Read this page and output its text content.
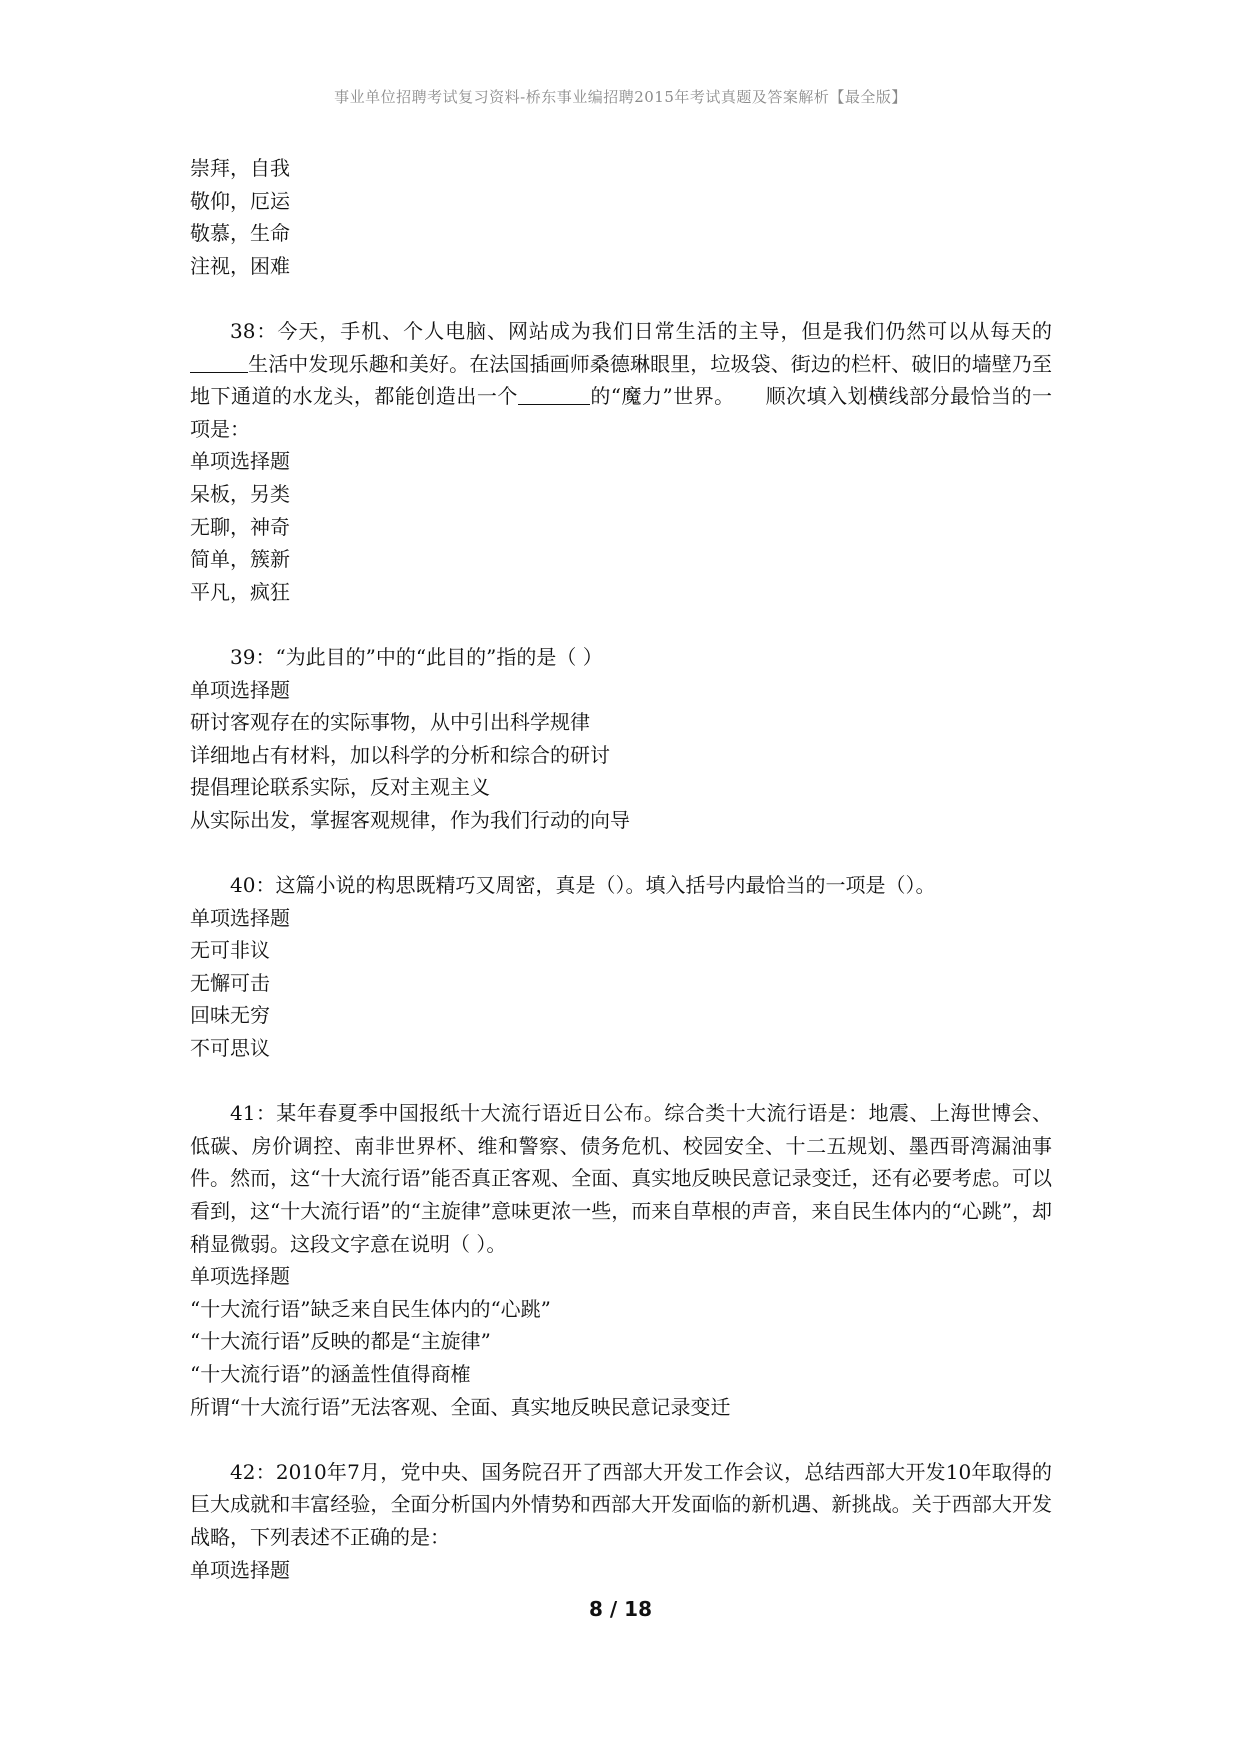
事业单位招聘考试复习资料-桥东事业编招聘2015年考试真题及答案解析【最全版】
崇拜，自我
敬仰，厄运
敬慕，生命
注视，困难
38：今天，手机、个人电脑、网站成为我们日常生活的主导，但是我们仍然可以从每天的生活中发现乐趣和美好。在法国插画师桑德琳眼里，垃圾袋、街边的栏杆、破旧的墙壁乃至地下通道的水龙头，都能创造出一个	的“魔力”世界。　　顺次填入划横线部分最恰当的一项是：
单项选择题
呆板，另类
无聊，神奇
简单，簇新
平凡，疯狂
39：“为此目的”中的“此目的”指的是（ ）
单项选择题
研讨客观存在的实际事物，从中引出科学规律
详细地占有材料，加以科学的分析和综合的研讨
提倡理论联系实际，反对主观主义
从实际出发，掌握客观规律，作为我们行动的向导
40：这篇小说的构思既精巧又周密，真是（）。填入括号内最恰当的一项是（）。
单项选择题
无可非议
无懈可击
回味无穷
不可思议
41：某年春夏季中国报纸十大流行语近日公布。综合类十大流行语是：地震、上海世博会、低碳、房价调控、南非世界杯、维和警察、债务危机、校园安全、十二五规划、墨西哥湾漏油事件。然而，这“十大流行语”能否真正客观、全面、真实地反映民意记录变迁，还有必要考虑。可以看到，这“十大流行语”的“主旋律”意味更浓一些，而来自草根的声音，来自民生体内的“心跳”，却稍显微弱。这段文字意在说明（ ）。
单项选择题
“十大流行语”缺乏来自民生体内的“心跳”
“十大流行语”反映的都是“主旋律”
“十大流行语”的涵盖性值得商榷
所谓“十大流行语”无法客观、全面、真实地反映民意记录变迁
42：2010年7月，党中央、国务院召开了西部大开发工作会议，总结西部大开发10年取得的巨大成就和丰富经验，全面分析国内外情势和西部大开发面临的新机遇、新挑战。关于西部大开发战略，下列表述不正确的是：
单项选择题
8 / 18
